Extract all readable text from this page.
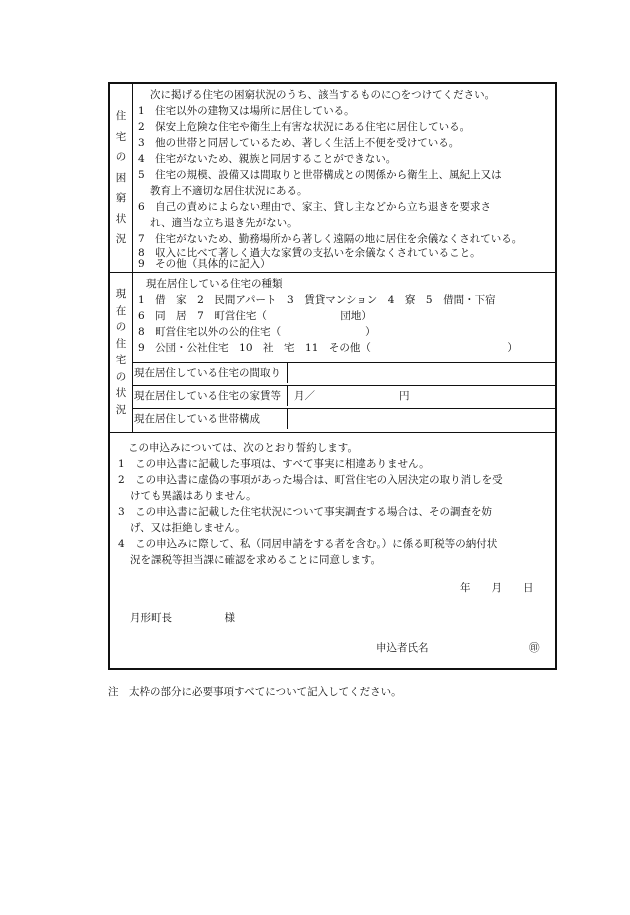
住
宅
の
困
窮
状
況
次に掲げる住宅の困窮状況のうち、該当するものに○をつけてください。
1　住宅以外の建物又は場所に居住している。
2　保安上危険な住宅や衛生上有害な状況にある住宅に居住している。
3　他の世帯と同居しているため、著しく生活上不便を受けている。
4　住宅がないため、親族と同居することができない。
5　住宅の規模、設備又は間取りと世帯構成との関係から衛生上、風紀上又は
教育上不適切な居住状況にある。
6　自己の責めによらない理由で、家主、貸し主などから立ち退きを要求さ
れ、適当な立ち退き先がない。
7　住宅がないため、勤務場所から著しく遠隔の地に居住を余儀なくされている。
8　収入に比べて著しく過大な家賃の支払いを余儀なくされていること。
9　その他（具体的に記入）
現
在
の
住
宅
の
状
況
現在居住している住宅の種類
1　借　家　2　民間アパート　3　賃貸マンション　4　寮　5　借間・下宿
6　同　居　7　町営住宅（　　　　　　　団地）
8　町営住宅以外の公的住宅（　　　　　　　　）
9　公団・公社住宅　10　社　宅　11　その他（　　　　　　　　　　　　　）
現在居住している住宅の間取り
現在居住している住宅の家賃等	月／　　　　　　　　円
現在居住している世帯構成
この申込みについては、次のとおり誓約します。
1　この申込書に記載した事項は、すべて事実に相違ありません。
2　この申込書に虚偽の事項があった場合は、町営住宅の入居決定の取り消しを受
けても異議はありません。
3　この申込書に記載した住宅状況について事実調査する場合は、その調査を妨
げ、又は拒絶しません。
4　この申込みに際して、私（同居申請をする者を含む。）に係る町税等の納付状
況を課税等担当課に確認を求めることに同意します。
年　　月　　日
月形町長　　　　　様
申込者氏名	㊞
注　太枠の部分に必要事項すべてについて記入してください。
